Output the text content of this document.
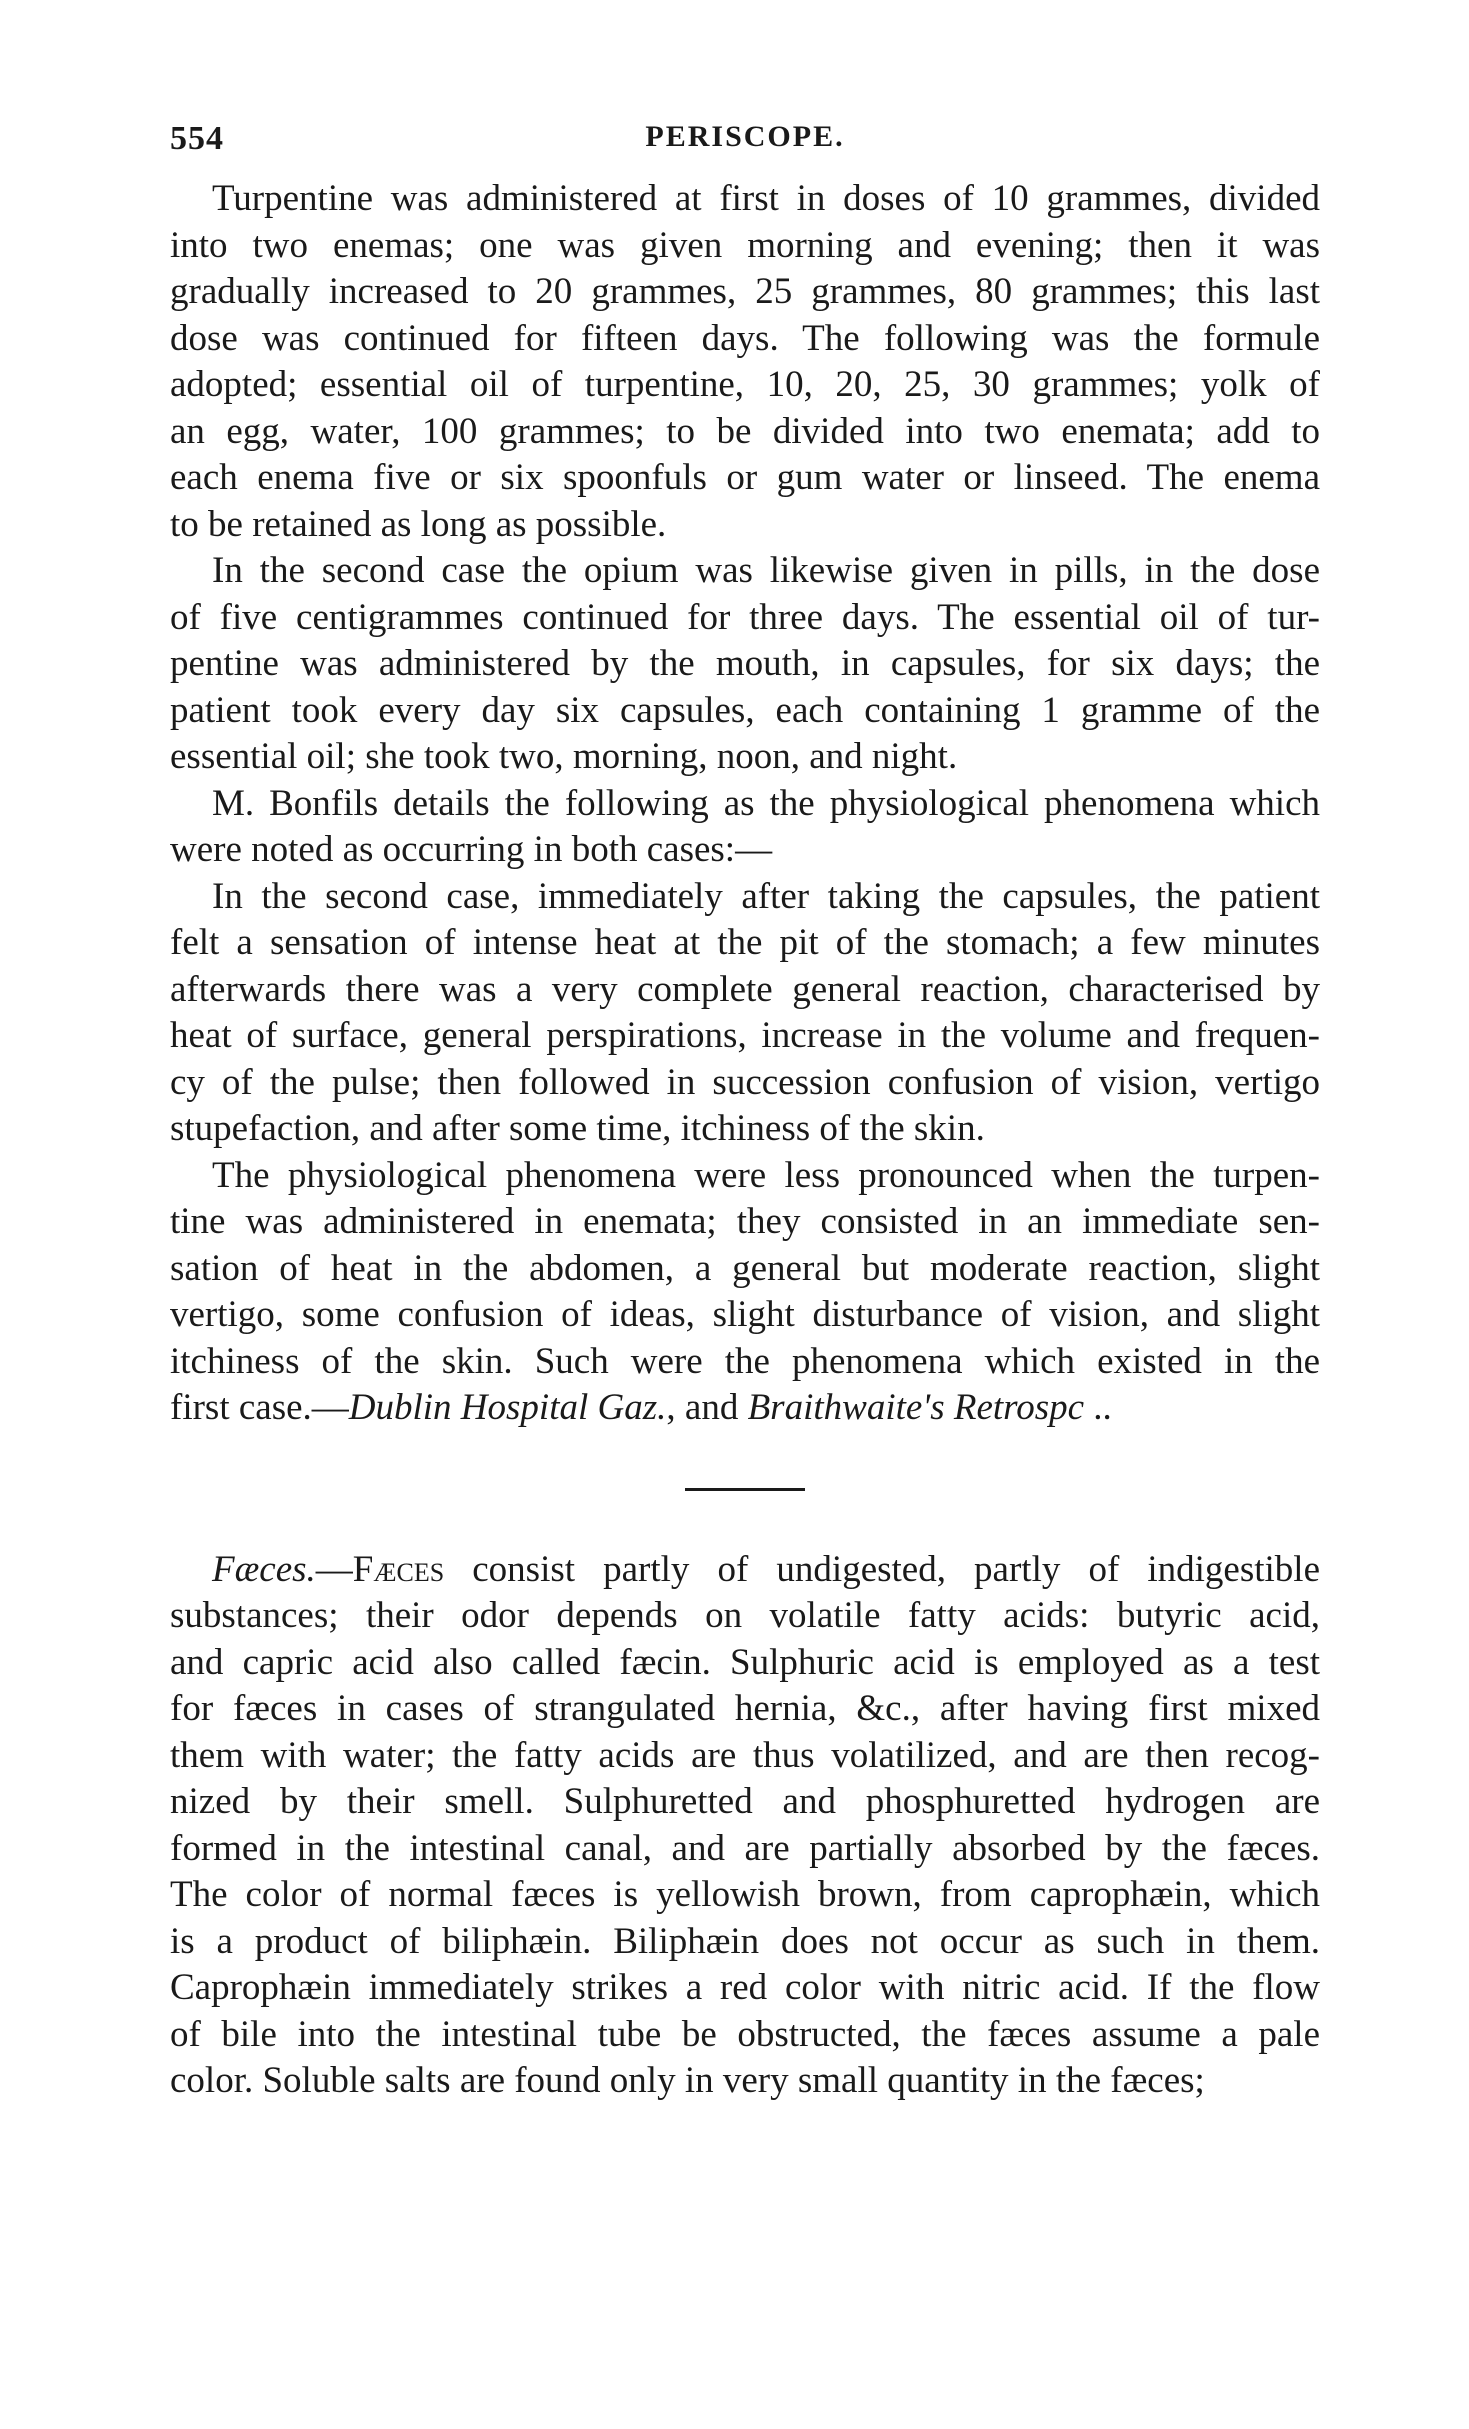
554	PERISCOPE.

Turpentine was administered at first in doses of 10 grammes, divided
into two enemas; one was given morning and evening; then it was
gradually increased to 20 grammes, 25 grammes, 80 grammes; this last
dose was continued for fifteen days. The following was the formule
adopted; essential oil of turpentine, 10, 20, 25, 30 grammes; yolk of
an egg, water, 100 grammes; to be divided into two enemata; add to
each enema five or six spoonfuls or gum water or linseed. The enema
to be retained as long as possible.

In the second case the opium was likewise given in pills, in the dose
of five centigrammes continued for three days. The essential oil of tur-
pentine was administered by the mouth, in capsules, for six days; the
patient took every day six capsules, each containing 1 gramme of the
essential oil; she took two, morning, noon, and night.

M. Bonfils details the following as the physiological phenomena which
were noted as occurring in both cases:—

In the second case, immediately after taking the capsules, the patient
felt a sensation of intense heat at the pit of the stomach; a few minutes
afterwards there was a very complete general reaction, characterised by
heat of surface, general perspirations, increase in the volume and frequen-
cy of the pulse; then followed in succession confusion of vision, vertigo
stupefaction, and after some time, itchiness of the skin.

The physiological phenomena were less pronounced when the turpen-
tine was administered in enemata; they consisted in an immediate sen-
sation of heat in the abdomen, a general but moderate reaction, slight
vertigo, some confusion of ideas, slight disturbance of vision, and slight
itchiness of the skin. Such were the phenomena which existed in the
first case.—Dublin Hospital Gaz., and Braithwaite's Retrospc ..

Fæces.—Fæces consist partly of undigested, partly of indigestible
substances; their odor depends on volatile fatty acids: butyric acid,
and capric acid also called fæcin. Sulphuric acid is employed as a test
for fæces in cases of strangulated hernia, &c., after having first mixed
them with water; the fatty acids are thus volatilized, and are then recog-
nized by their smell. Sulphuretted and phosphuretted hydrogen are
formed in the intestinal canal, and are partially absorbed by the fæces.
The color of normal fæces is yellowish brown, from caprophæin, which
is a product of biliphæin. Biliphæin does not occur as such in them.
Caprophæin immediately strikes a red color with nitric acid. If the flow
of bile into the intestinal tube be obstructed, the fæces assume a pale
color. Soluble salts are found only in very small quantity in the fæces;
